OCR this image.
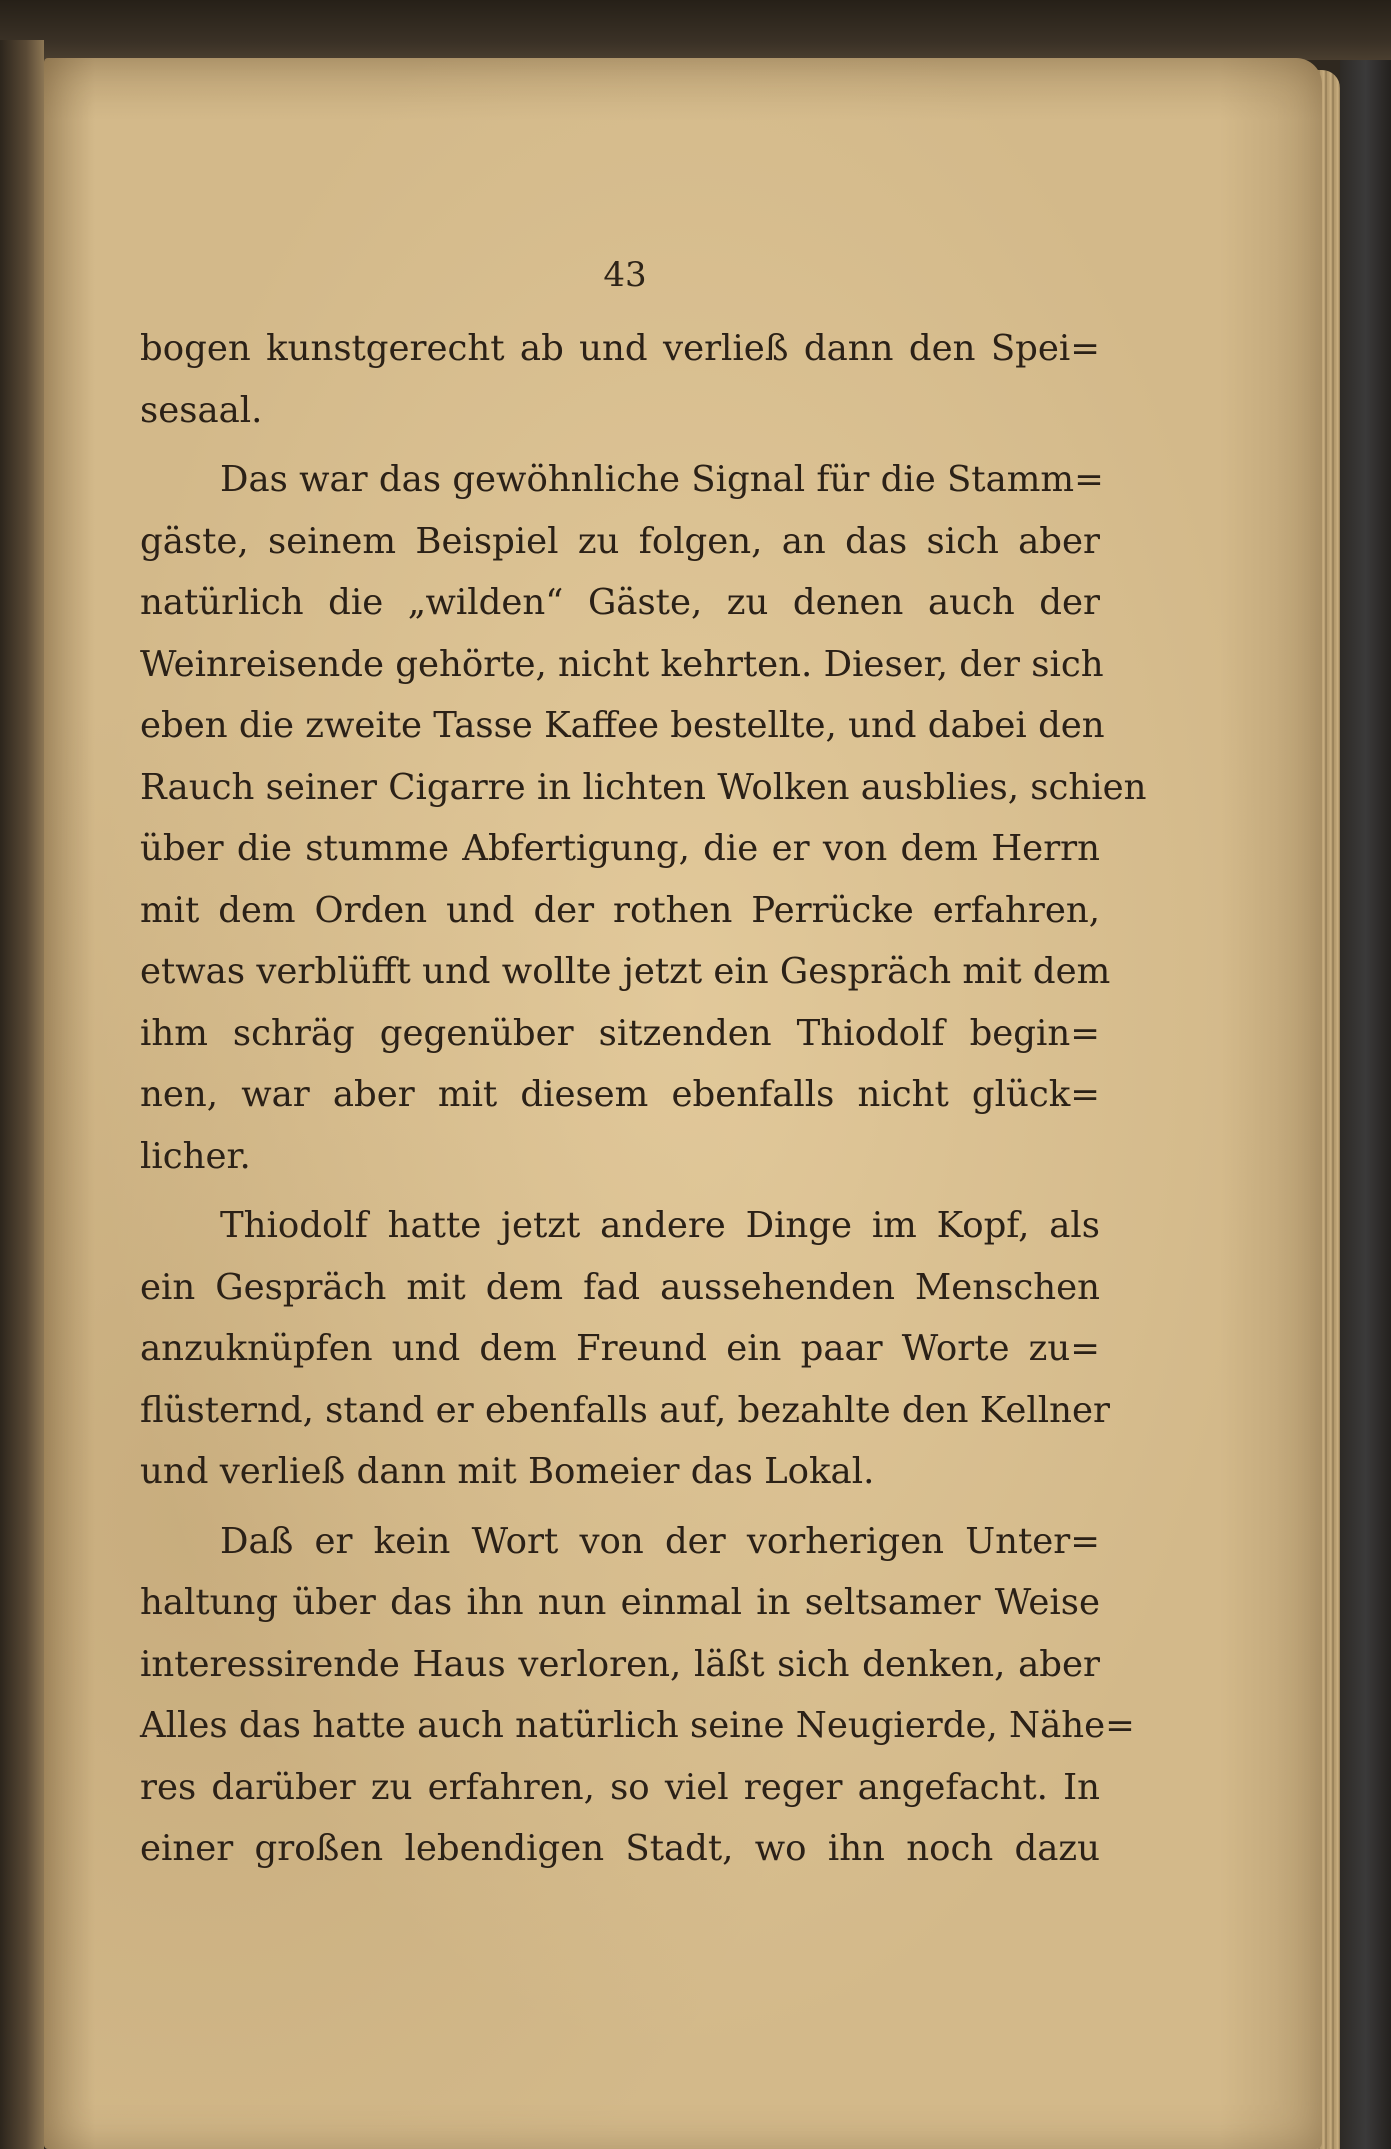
43
bogen kunstgerecht ab und verließ dann den Spei=
sesaal.
Das war das gewöhnliche Signal für die Stamm=
gäste, seinem Beispiel zu folgen, an das sich aber
natürlich die „wilden“ Gäste, zu denen auch der
Weinreisende gehörte, nicht kehrten. Dieser, der sich
eben die zweite Tasse Kaffee bestellte, und dabei den
Rauch seiner Cigarre in lichten Wolken ausblies, schien
über die stumme Abfertigung, die er von dem Herrn
mit dem Orden und der rothen Perrücke erfahren,
etwas verblüfft und wollte jetzt ein Gespräch mit dem
ihm schräg gegenüber sitzenden Thiodolf begin=
nen, war aber mit diesem ebenfalls nicht glück=
licher.
Thiodolf hatte jetzt andere Dinge im Kopf, als
ein Gespräch mit dem fad aussehenden Menschen
anzuknüpfen und dem Freund ein paar Worte zu=
flüsternd, stand er ebenfalls auf, bezahlte den Kellner
und verließ dann mit Bomeier das Lokal.
Daß er kein Wort von der vorherigen Unter=
haltung über das ihn nun einmal in seltsamer Weise
interessirende Haus verloren, läßt sich denken, aber
Alles das hatte auch natürlich seine Neugierde, Nähe=
res darüber zu erfahren, so viel reger angefacht. In
einer großen lebendigen Stadt, wo ihn noch dazu
